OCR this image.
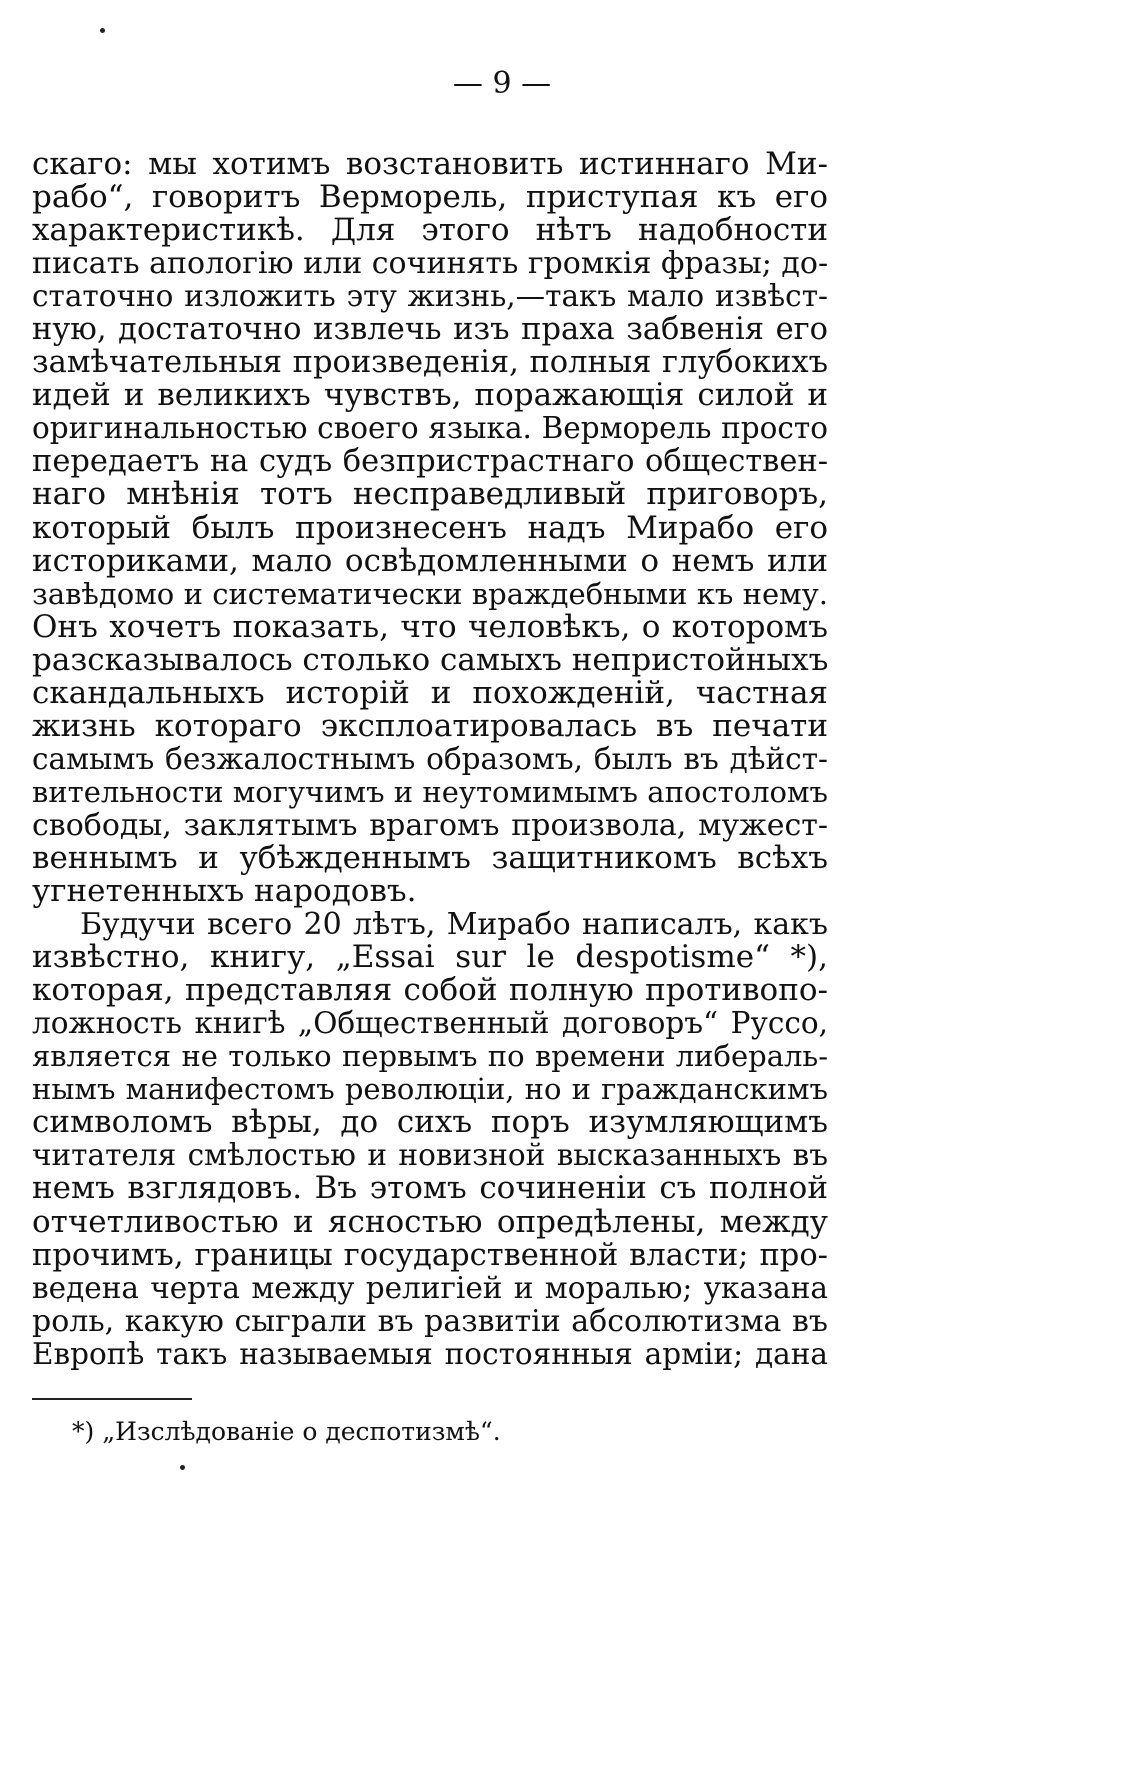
— 9 —
скаго: мы хотимъ возстановить истиннаго Ми-
рабо“, говоритъ Верморель, приступая къ его
характеристикѣ. Для этого нѣтъ надобности
писать апологію или сочинять громкія фразы; до-
статочно изложить эту жизнь,—такъ мало извѣст-
ную, достаточно извлечь изъ праха забвенія его
замѣчательныя произведенія, полныя глубокихъ
идей и великихъ чувствъ, поражающія силой и
оригинальностью своего языка. Верморель просто
передаетъ на судъ безпристрастнаго обществен-
наго мнѣнія тотъ несправедливый приговоръ,
который былъ произнесенъ надъ Мирабо его
историками, мало освѣдомленными о немъ или
завѣдомо и систематически враждебными къ нему.
Онъ хочетъ показать, что человѣкъ, о которомъ
разсказывалось столько самыхъ непристойныхъ
скандальныхъ исторій и похожденій, частная
жизнь котораго эксплоатировалась въ печати
самымъ безжалостнымъ образомъ, былъ въ дѣйст-
вительности могучимъ и неутомимымъ апостоломъ
свободы, заклятымъ врагомъ произвола, мужест-
веннымъ и убѣжденнымъ защитникомъ всѣхъ
угнетенныхъ народовъ.
Будучи всего 20 лѣтъ, Мирабо написалъ, какъ
извѣстно, книгу, „Essai sur le despotisme“ *),
которая, представляя собой полную противопо-
ложность книгѣ „Общественный договоръ“ Руссо,
является не только первымъ по времени либераль-
нымъ манифестомъ революціи, но и гражданскимъ
символомъ вѣры, до сихъ поръ изумляющимъ
читателя смѣлостью и новизной высказанныхъ въ
немъ взглядовъ. Въ этомъ сочиненіи съ полной
отчетливостью и ясностью опредѣлены, между
прочимъ, границы государственной власти; про-
ведена черта между религіей и моралью; указана
роль, какую сыграли въ развитіи абсолютизма въ
Европѣ такъ называемыя постоянныя арміи; дана
*) „Изслѣдованіе о деспотизмѣ“.
